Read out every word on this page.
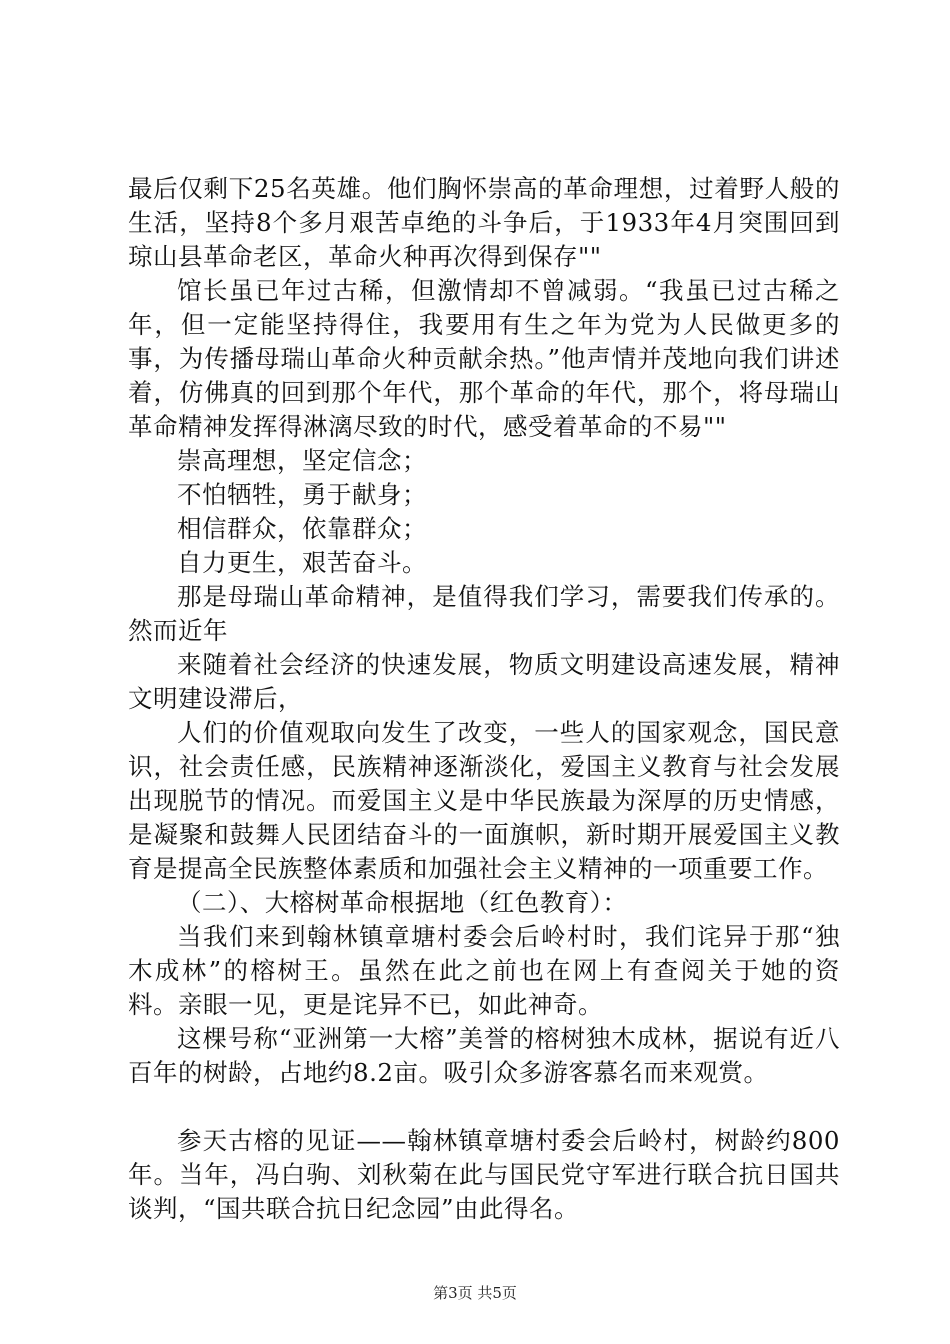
最后仅剩下25名英雄。他们胸怀崇高的革命理想，过着野人般的生活，坚持8个多月艰苦卓绝的斗争后，于1933年4月突围回到琼山县革命老区，革命火种再次得到保存""

馆长虽已年过古稀，但激情却不曾减弱。“我虽已过古稀之年，但一定能坚持得住，我要用有生之年为党为人民做更多的事，为传播母瑞山革命火种贡献余热。”他声情并茂地向我们讲述着，仿佛真的回到那个年代，那个革命的年代，那个，将母瑞山革命精神发挥得淋漓尽致的时代，感受着革命的不易""

崇高理想，坚定信念；

不怕牺牲，勇于献身；

相信群众，依靠群众；

自力更生，艰苦奋斗。

那是母瑞山革命精神，是值得我们学习，需要我们传承的。然而近年

来随着社会经济的快速发展，物质文明建设高速发展，精神文明建设滞后，

人们的价值观取向发生了改变，一些人的国家观念，国民意识，社会责任感，民族精神逐渐淡化，爱国主义教育与社会发展出现脱节的情况。而爱国主义是中华民族最为深厚的历史情感，是凝聚和鼓舞人民团结奋斗的一面旗帜，新时期开展爱国主义教育是提高全民族整体素质和加强社会主义精神的一项重要工作。

（二）、大榕树革命根据地（红色教育）：

当我们来到翰林镇章塘村委会后岭村时，我们诧异于那“独木成林”的榕树王。虽然在此之前也在网上有查阅关于她的资料。亲眼一见，更是诧异不已，如此神奇。

这棵号称“亚洲第一大榕”美誉的榕树独木成林，据说有近八百年的树龄，占地约8.2亩。吸引众多游客慕名而来观赏。

参天古榕的见证——翰林镇章塘村委会后岭村，树龄约800年。当年，冯白驹、刘秋菊在此与国民党守军进行联合抗日国共谈判，“国共联合抗日纪念园”由此得名。

第3页 共5页
